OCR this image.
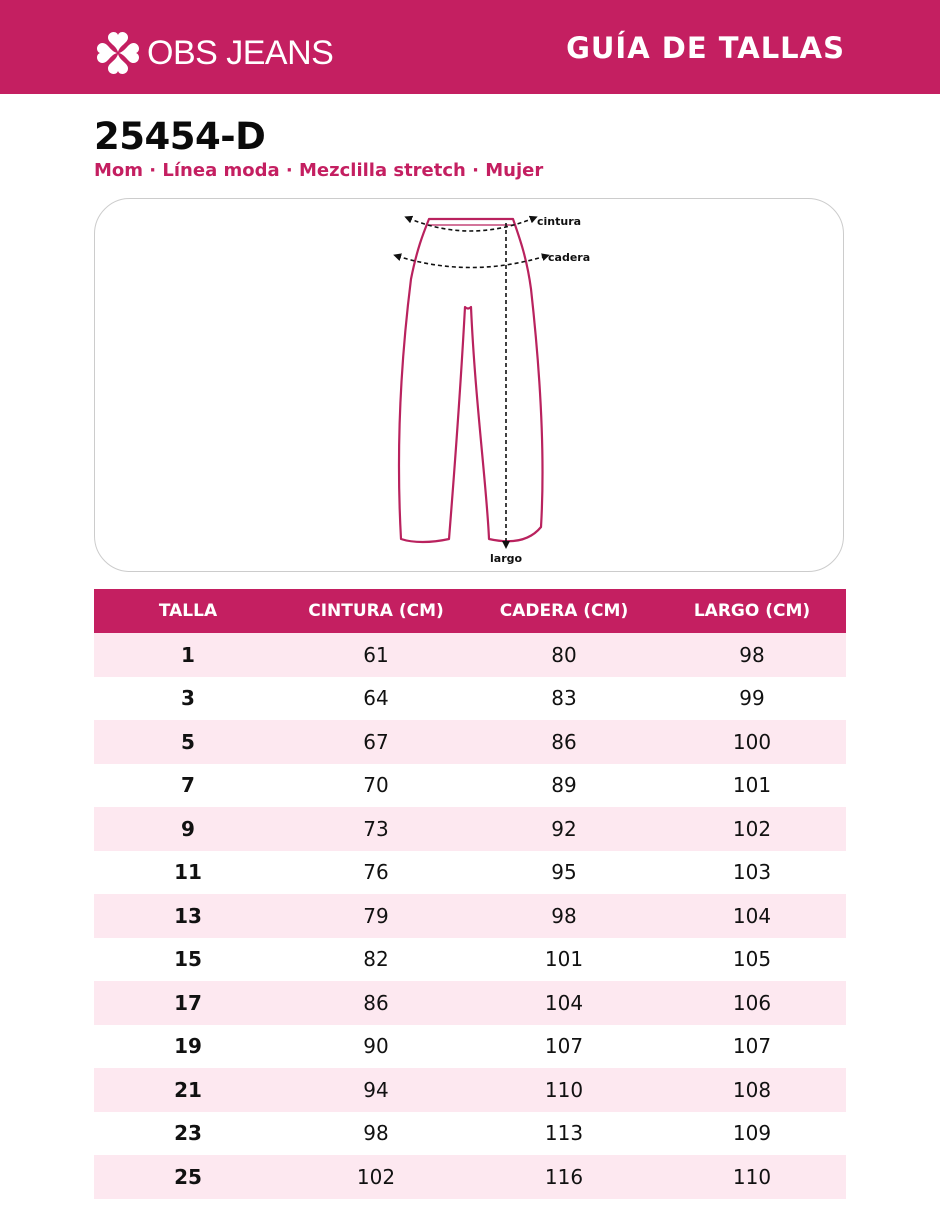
OBS JEANS	GUÍA DE TALLAS
25454-D
Mom · Línea moda · Mezclilla stretch · Mujer
cintura
cadera
largo
TALLA	CINTURA (CM)	CADERA (CM)	LARGO (CM)
1	61	80	98
3	64	83	99
5	67	86	100
7	70	89	101
9	73	92	102
11	76	95	103
13	79	98	104
15	82	101	105
17	86	104	106
19	90	107	107
21	94	110	108
23	98	113	109
25	102	116	110
